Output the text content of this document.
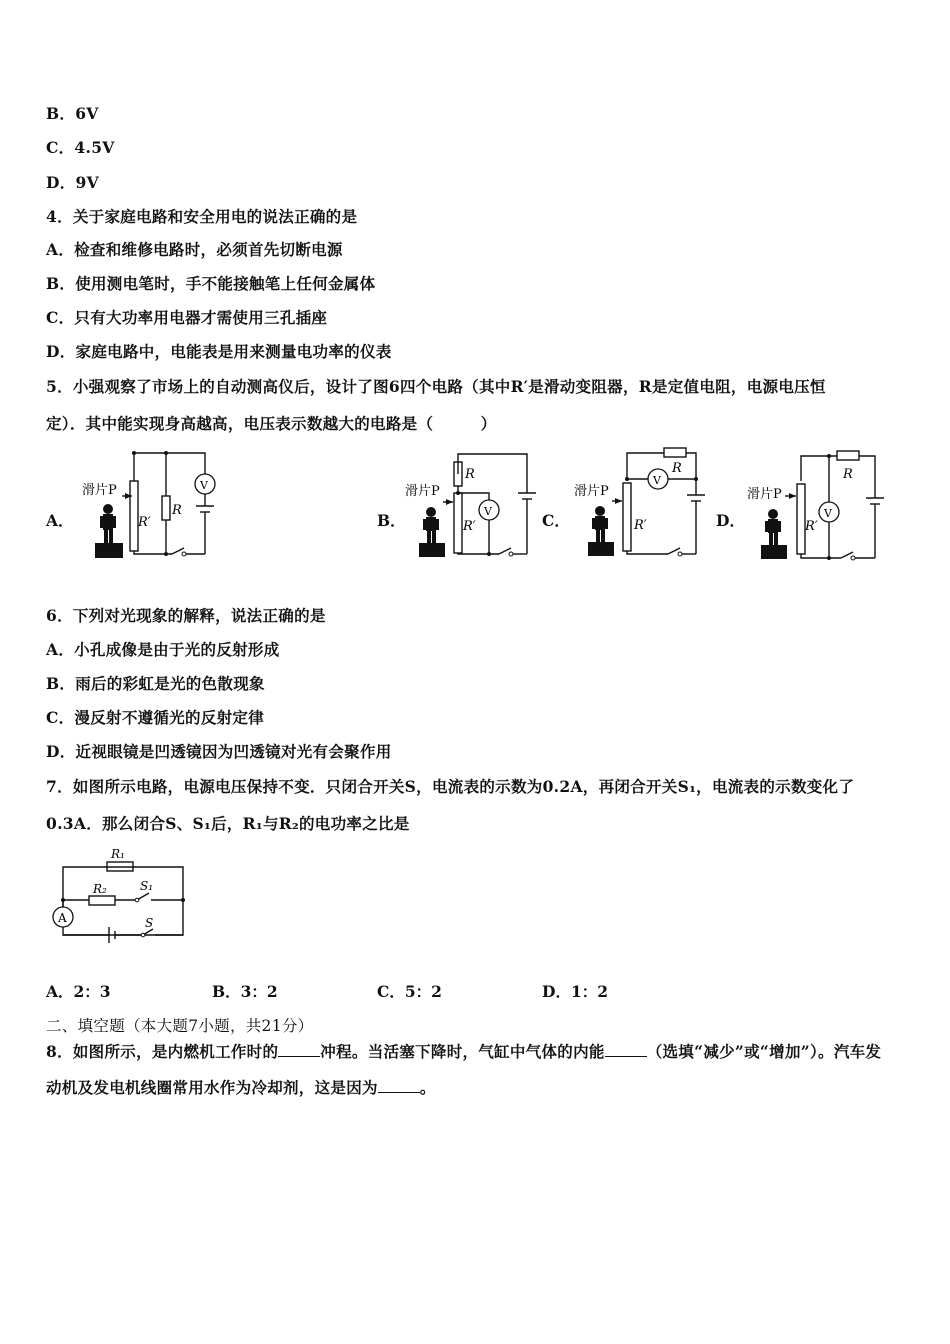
B．6V
C．4.5V
D．9V
4．关于家庭电路和安全用电的说法正确的是
A．检查和维修电路时，必须首先切断电源
B．使用测电笔时，手不能接触笔上任何金属体
C．只有大功率用电器才需使用三孔插座
D．家庭电路中，电能表是用来测量电功率的仪表
5．小强观察了市场上的自动测高仪后，设计了图6四个电路（其中R′是滑动变阻器，R是定值电阻，电源电压恒
定）．其中能实现身高越高，电压表示数越大的电路是（　　　）
A．	B．	C．	D．
滑片P
R
R′
V	滑片P
R
R′
V
滑片P
R
R′
V
滑片P
R
R′
V
6．下列对光现象的解释，说法正确的是
A．小孔成像是由于光的反射形成
B．雨后的彩虹是光的色散现象
C．漫反射不遵循光的反射定律
D．近视眼镜是凹透镜因为凹透镜对光有会聚作用
7．如图所示电路，电源电压保持不变．只闭合开关S，电流表的示数为0.2A，再闭合开关S₁，电流表的示数变化了
0.3A．那么闭合S、S₁后，R₁与R₂的电功率之比是
R₁
R₂	S₁
S
A
A．2：3	B．3：2	C．5：2	D．1：2
二、填空题（本大题7小题，共21分）
8．如图所示，是内燃机工作时的	冲程。当活塞下降时，气缸中气体的内能	（选填“减少”或“增加”）。汽车发
动机及发电机线圈常用水作为冷却剂，这是因为	。
